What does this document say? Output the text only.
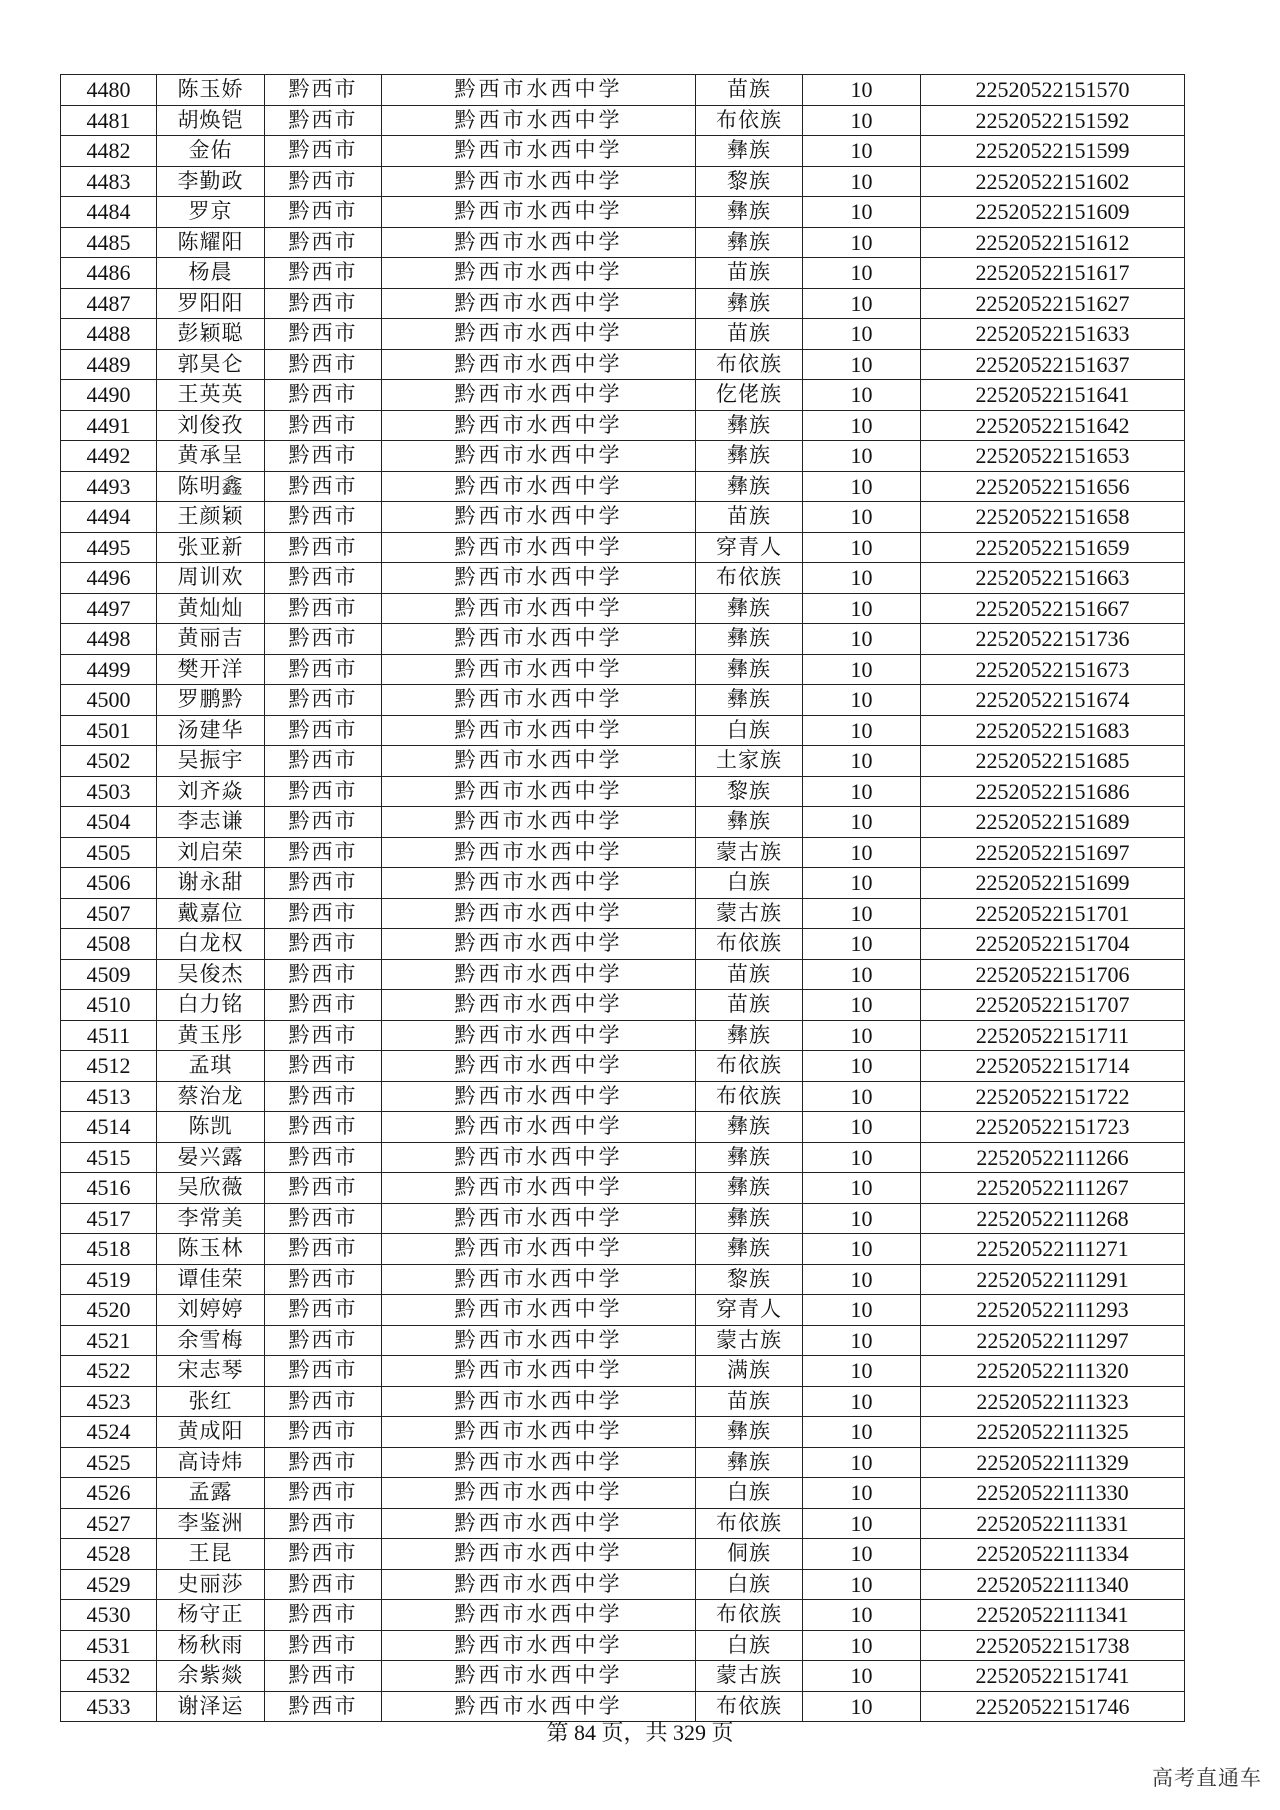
4480	陈玉娇	黔西市	黔西市水西中学	苗族	10	22520522151570
4481	胡焕铠	黔西市	黔西市水西中学	布依族	10	22520522151592
4482	金佑	黔西市	黔西市水西中学	彝族	10	22520522151599
4483	李勤政	黔西市	黔西市水西中学	黎族	10	22520522151602
4484	罗京	黔西市	黔西市水西中学	彝族	10	22520522151609
4485	陈耀阳	黔西市	黔西市水西中学	彝族	10	22520522151612
4486	杨晨	黔西市	黔西市水西中学	苗族	10	22520522151617
4487	罗阳阳	黔西市	黔西市水西中学	彝族	10	22520522151627
4488	彭颖聪	黔西市	黔西市水西中学	苗族	10	22520522151633
4489	郭昊仑	黔西市	黔西市水西中学	布依族	10	22520522151637
4490	王英英	黔西市	黔西市水西中学	仡佬族	10	22520522151641
4491	刘俊孜	黔西市	黔西市水西中学	彝族	10	22520522151642
4492	黄承呈	黔西市	黔西市水西中学	彝族	10	22520522151653
4493	陈明鑫	黔西市	黔西市水西中学	彝族	10	22520522151656
4494	王颜颖	黔西市	黔西市水西中学	苗族	10	22520522151658
4495	张亚新	黔西市	黔西市水西中学	穿青人	10	22520522151659
4496	周训欢	黔西市	黔西市水西中学	布依族	10	22520522151663
4497	黄灿灿	黔西市	黔西市水西中学	彝族	10	22520522151667
4498	黄丽吉	黔西市	黔西市水西中学	彝族	10	22520522151736
4499	樊开洋	黔西市	黔西市水西中学	彝族	10	22520522151673
4500	罗鹏黔	黔西市	黔西市水西中学	彝族	10	22520522151674
4501	汤建华	黔西市	黔西市水西中学	白族	10	22520522151683
4502	吴振宇	黔西市	黔西市水西中学	土家族	10	22520522151685
4503	刘齐焱	黔西市	黔西市水西中学	黎族	10	22520522151686
4504	李志谦	黔西市	黔西市水西中学	彝族	10	22520522151689
4505	刘启荣	黔西市	黔西市水西中学	蒙古族	10	22520522151697
4506	谢永甜	黔西市	黔西市水西中学	白族	10	22520522151699
4507	戴嘉位	黔西市	黔西市水西中学	蒙古族	10	22520522151701
4508	白龙权	黔西市	黔西市水西中学	布依族	10	22520522151704
4509	吴俊杰	黔西市	黔西市水西中学	苗族	10	22520522151706
4510	白力铭	黔西市	黔西市水西中学	苗族	10	22520522151707
4511	黄玉彤	黔西市	黔西市水西中学	彝族	10	22520522151711
4512	孟琪	黔西市	黔西市水西中学	布依族	10	22520522151714
4513	蔡治龙	黔西市	黔西市水西中学	布依族	10	22520522151722
4514	陈凯	黔西市	黔西市水西中学	彝族	10	22520522151723
4515	晏兴露	黔西市	黔西市水西中学	彝族	10	22520522111266
4516	吴欣薇	黔西市	黔西市水西中学	彝族	10	22520522111267
4517	李常美	黔西市	黔西市水西中学	彝族	10	22520522111268
4518	陈玉林	黔西市	黔西市水西中学	彝族	10	22520522111271
4519	谭佳荣	黔西市	黔西市水西中学	黎族	10	22520522111291
4520	刘婷婷	黔西市	黔西市水西中学	穿青人	10	22520522111293
4521	余雪梅	黔西市	黔西市水西中学	蒙古族	10	22520522111297
4522	宋志琴	黔西市	黔西市水西中学	满族	10	22520522111320
4523	张红	黔西市	黔西市水西中学	苗族	10	22520522111323
4524	黄成阳	黔西市	黔西市水西中学	彝族	10	22520522111325
4525	高诗炜	黔西市	黔西市水西中学	彝族	10	22520522111329
4526	孟露	黔西市	黔西市水西中学	白族	10	22520522111330
4527	李鉴洲	黔西市	黔西市水西中学	布依族	10	22520522111331
4528	王昆	黔西市	黔西市水西中学	侗族	10	22520522111334
4529	史丽莎	黔西市	黔西市水西中学	白族	10	22520522111340
4530	杨守正	黔西市	黔西市水西中学	布依族	10	22520522111341
4531	杨秋雨	黔西市	黔西市水西中学	白族	10	22520522151738
4532	余紫燚	黔西市	黔西市水西中学	蒙古族	10	22520522151741
4533	谢泽运	黔西市	黔西市水西中学	布依族	10	22520522151746
第 84 页，共 329 页
高考直通车
